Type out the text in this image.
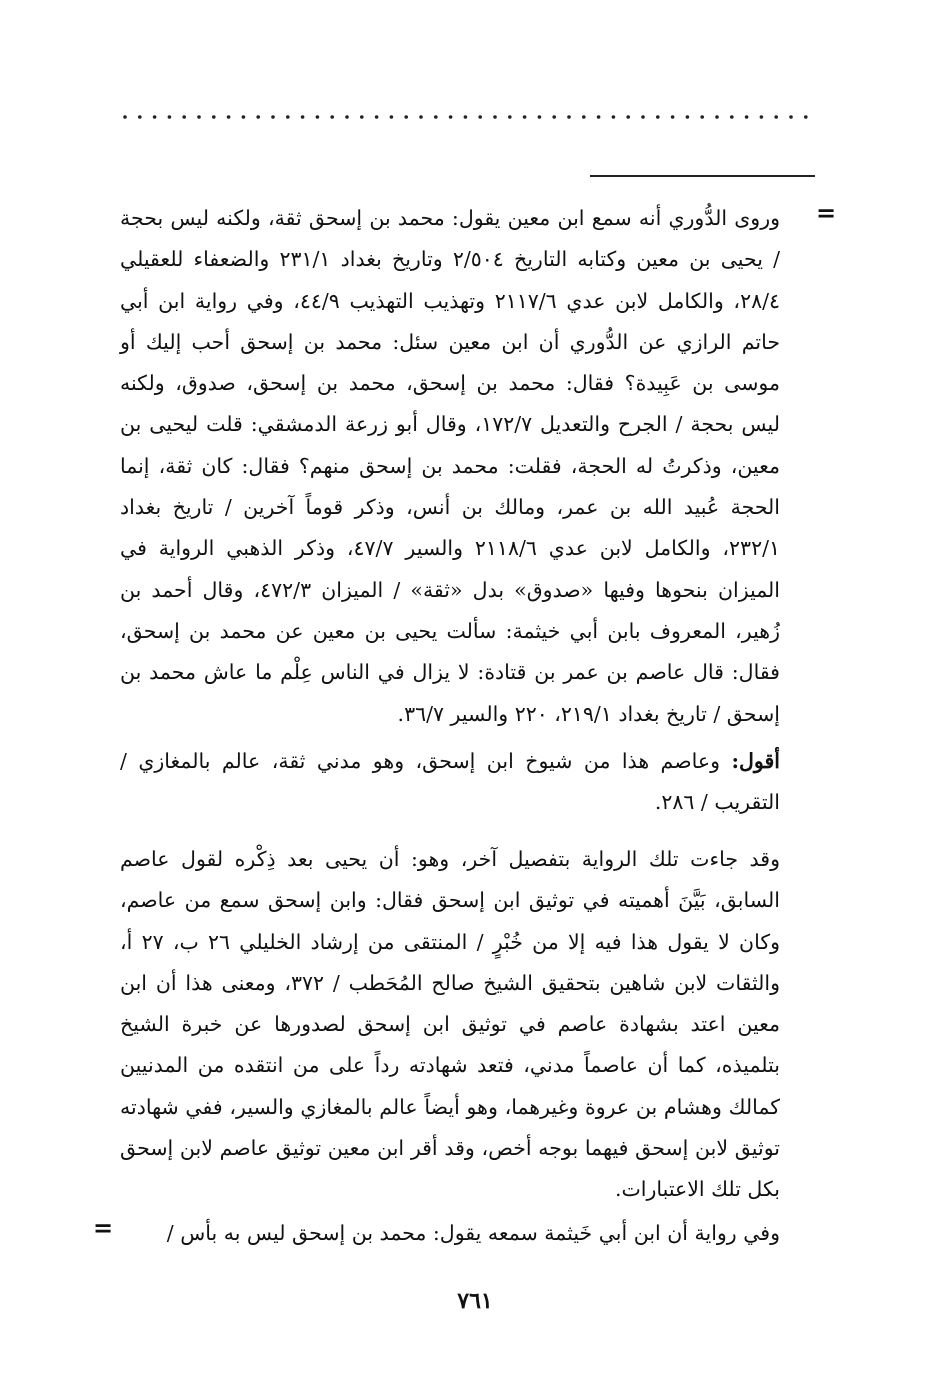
=

وروى الدُّوري أنه سمع ابن معين يقول: محمد بن إسحق ثقة، ولكنه ليس بحجة / يحيى بن معين وكتابه التاريخ ٢/٥٠٤ وتاريخ بغداد ٢٣١/١ والضعفاء للعقيلي ٢٨/٤، والكامل لابن عدي ٢١١٧/٦ وتهذيب التهذيب ٤٤/٩، وفي رواية ابن أبي حاتم الرازي عن الدُّوري أن ابن معين سئل: محمد بن إسحق أحب إليك أو موسى بن عَبِيدة؟ فقال: محمد بن إسحق، محمد بن إسحق، صدوق، ولكنه ليس بحجة / الجرح والتعديل ١٧٢/٧، وقال أبو زرعة الدمشقي: قلت ليحيى بن معين، وذكرتُ له الحجة، فقلت: محمد بن إسحق منهم؟ فقال: كان ثقة، إنما الحجة عُبيد الله بن عمر، ومالك بن أنس، وذكر قوماً آخرين / تاريخ بغداد ٢٣٢/١، والكامل لابن عدي ٢١١٨/٦ والسير ٤٧/٧، وذكر الذهبي الرواية في الميزان بنحوها وفيها «صدوق» بدل «ثقة» / الميزان ٤٧٢/٣، وقال أحمد بن زُهير، المعروف بابن أبي خيثمة: سألت يحيى بن معين عن محمد بن إسحق، فقال: قال عاصم بن عمر بن قتادة: لا يزال في الناس عِلْم ما عاش محمد بن إسحق / تاريخ بغداد ٢١٩/١، ٢٢٠ والسير ٣٦/٧.

أقول: وعاصم هذا من شيوخ ابن إسحق، وهو مدني ثقة، عالم بالمغازي / التقريب / ٢٨٦.

وقد جاءت تلك الرواية بتفصيل آخر، وهو: أن يحيى بعد ذِكْره لقول عاصم السابق، بَيَّنَ أهميته في توثيق ابن إسحق فقال: وابن إسحق سمع من عاصم، وكان لا يقول هذا فيه إلا من خُبْرٍ / المنتقى من إرشاد الخليلي ٢٦ ب، ٢٧ أ، والثقات لابن شاهين بتحقيق الشيخ صالح المُحَطب / ٣٧٢، ومعنى هذا أن ابن معين اعتد بشهادة عاصم في توثيق ابن إسحق لصدورها عن خبرة الشيخ بتلميذه، كما أن عاصماً مدني، فتعد شهادته رداً على من انتقده من المدنيين كمالك وهشام بن عروة وغيرهما، وهو أيضاً عالم بالمغازي والسير، ففي شهادته توثيق لابن إسحق فيهما بوجه أخص، وقد أقر ابن معين توثيق عاصم لابن إسحق بكل تلك الاعتبارات.

وفي رواية أن ابن أبي خَيثمة سمعه يقول: محمد بن إسحق ليس به بأس /

=
٧٦١
